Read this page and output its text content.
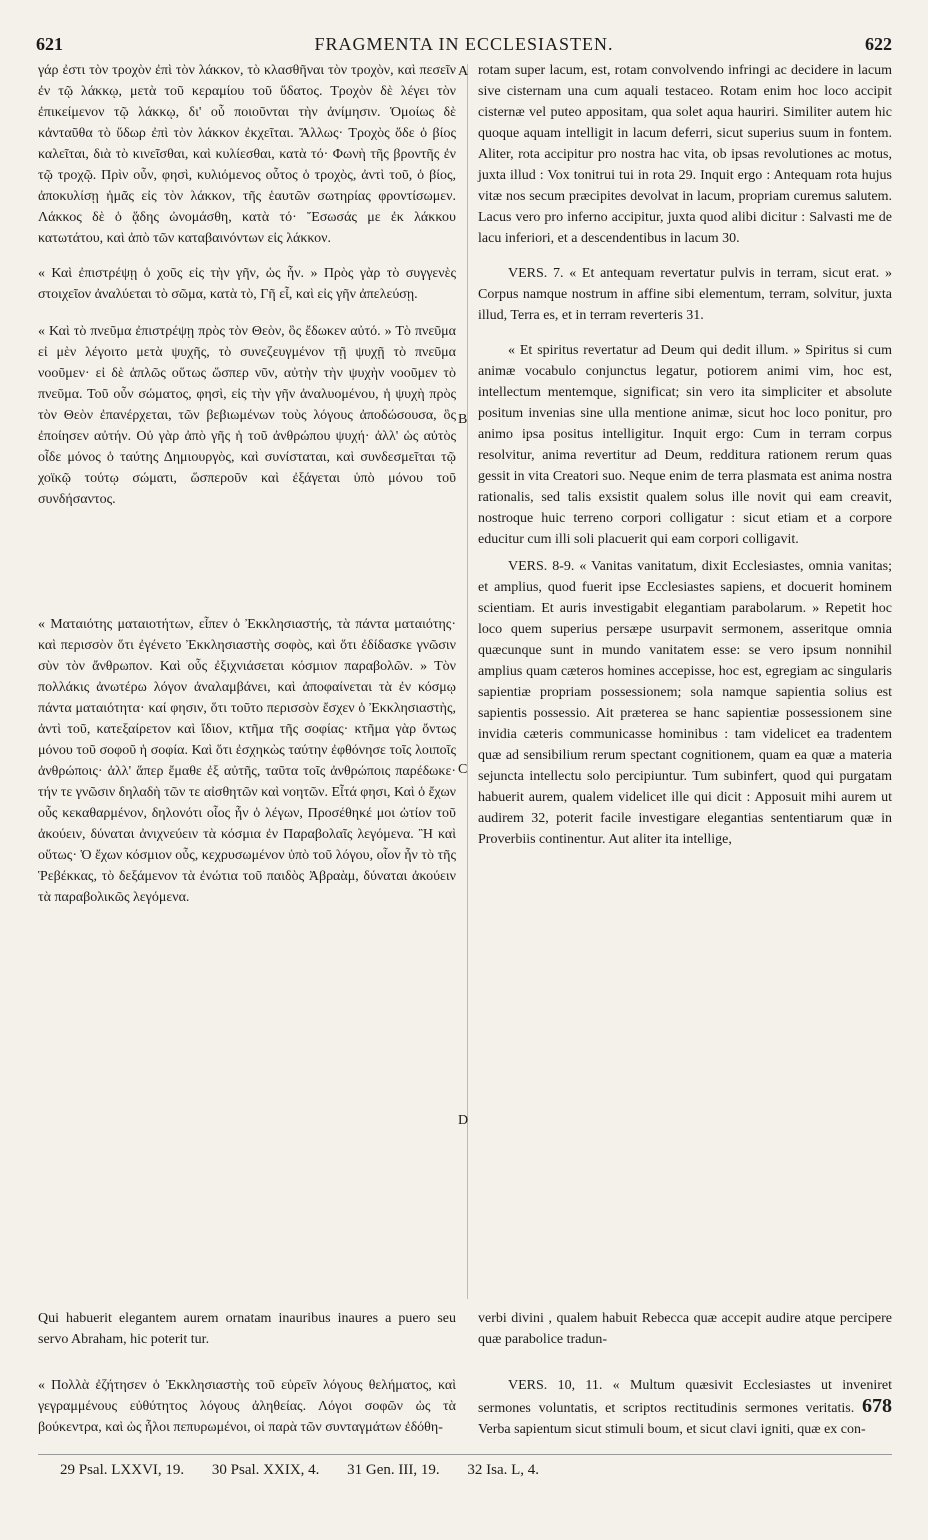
621	FRAGMENTA IN ECCLESIASTEN.	622
A
B
C
D

γάρ ἐστι τὸν τροχὸν ἐπὶ τὸν λάκκον, τὸ κλασθῆναι τὸν τροχὸν, καὶ πεσεῖν ἐν τῷ λάκκῳ, μετὰ τοῦ κεραμίου τοῦ ὕδατος. Τροχὸν δὲ λέγει τὸν ἐπικείμενον τῷ λάκκῳ, δι' οὗ ποιοῦνται τὴν ἀνίμησιν. Ὁμοίως δὲ κἀνταῦθα τὸ ὕδωρ ἐπὶ τὸν λάκκον ἐκχεῖται. Ἄλλως· Τροχὸς ὅδε ὁ βίος καλεῖται, διὰ τὸ κινεῖσθαι, καὶ κυλίεσθαι, κατὰ τό· Φωνὴ τῆς βροντῆς ἐν τῷ τροχῷ. Πρὶν οὖν, φησὶ, κυλιόμενος οὗτος ὁ τροχὸς, ἀντὶ τοῦ, ὁ βίος, ἀποκυλίσῃ ἡμᾶς εἰς τὸν λάκκον, τῆς ἑαυτῶν σωτηρίας φροντίσωμεν. Λάκκος δὲ ὁ ᾅδης ὠνομάσθη, κατὰ τό· Ἔσωσάς με ἐκ λάκκου κατωτάτου, καὶ ἀπὸ τῶν καταβαινόντων εἰς λάκκον.

« Καὶ ἐπιστρέψῃ ὁ χοῦς εἰς τὴν γῆν, ὡς ἦν. » Πρὸς γὰρ τὸ συγγενὲς στοιχεῖον ἀναλύεται τὸ σῶμα, κατὰ τὸ, Γῆ εἶ, καὶ εἰς γῆν ἀπελεύσῃ.

« Καὶ τὸ πνεῦμα ἐπιστρέψῃ πρὸς τὸν Θεὸν, ὃς ἔδωκεν αὐτό. » Τὸ πνεῦμα εἰ μὲν λέγοιτο μετὰ ψυχῆς, τὸ συνεζευγμένον τῇ ψυχῇ τὸ πνεῦμα νοοῦμεν· εἰ δὲ ἁπλῶς οὕτως ὥσπερ νῦν, αὐτὴν τὴν ψυχὴν νοοῦμεν τὸ πνεῦμα. Τοῦ οὖν σώματος, φησὶ, εἰς τὴν γῆν ἀναλυομένου, ἡ ψυχὴ πρὸς τὸν Θεὸν ἐπανέρχεται, τῶν βεβιωμένων τοὺς λόγους ἀποδώσουσα, ὃς ἐποίησεν αὐτήν. Οὐ γὰρ ἀπὸ γῆς ἡ τοῦ ἀνθρώπου ψυχή· ἀλλ' ὡς αὐτὸς οἶδε μόνος ὁ ταύτης Δημιουργὸς, καὶ συνίσταται, καὶ συνδεσμεῖται τῷ χοϊκῷ τούτῳ σώματι, ὥσπεροῦν καὶ ἐξάγεται ὑπὸ μόνου τοῦ συνδήσαντος.

« Ματαιότης ματαιοτήτων, εἶπεν ὁ Ἐκκλησιαστής, τὰ πάντα ματαιότης· καὶ περισσὸν ὅτι ἐγένετο Ἐκκλησιαστὴς σοφὸς, καὶ ὅτι ἐδίδασκε γνῶσιν σὺν τὸν ἄνθρωπον. Καὶ οὖς ἐξιχνιάσεται κόσμιον παραβολῶν. » Τὸν πολλάκις ἀνωτέρω λόγον ἀναλαμβάνει, καὶ ἀποφαίνεται τὰ ἐν κόσμῳ πάντα ματαιότητα· καί φησιν, ὅτι τοῦτο περισσὸν ἔσχεν ὁ Ἐκκλησιαστὴς, ἀντὶ τοῦ, κατεξαίρετον καὶ ἴδιον, κτῆμα τῆς σοφίας· κτῆμα γὰρ ὄντως μόνου τοῦ σοφοῦ ἡ σοφία. Καὶ ὅτι ἐσχηκὼς ταύτην ἐφθόνησε τοῖς λοιποῖς ἀνθρώποις· ἀλλ' ἅπερ ἔμαθε ἐξ αὐτῆς, ταῦτα τοῖς ἀνθρώποις παρέδωκε· τήν τε γνῶσιν δηλαδὴ τῶν τε αἰσθητῶν καὶ νοητῶν. Εἶτά φησι, Καὶ ὁ ἔχων οὖς κεκαθαρμένον, δηλονότι οἷος ἦν ὁ λέγων, Προσέθηκέ μοι ὠτίον τοῦ ἀκούειν, δύναται ἀνιχνεύειν τὰ κόσμια ἐν Παραβολαῖς λεγόμενα. Ἢ καὶ οὕτως· Ὁ ἔχων κόσμιον οὖς, κεχρυσωμένον ὑπὸ τοῦ λόγου, οἷον ἦν τὸ τῆς Ῥεβέκκας, τὸ δεξάμενον τὰ ἐνώτια τοῦ παιδὸς Ἀβραὰμ, δύναται ἀκούειν τὰ παραβολικῶς λεγόμενα.

rotam super lacum, est, rotam convolvendo infringi ac decidere in lacum sive cisternam una cum aquali testaceo. Rotam enim hoc loco accipit cisternæ vel puteo appositam, qua solet aqua hauriri. Similiter autem hic quoque aquam intelligit in lacum deferri, sicut superius suum in fontem. Aliter, rota accipitur pro nostra hac vita, ob ipsas revolutiones ac motus, juxta illud : Vox tonitrui tui in rota 29. Inquit ergo : Antequam rota hujus vitæ nos secum præcipites devolvat in lacum, propriam curemus salutem. Lacus vero pro inferno accipitur, juxta quod alibi dicitur : Salvasti me de lacu inferiori, et a descendentibus in lacum 30.

VERS. 7. « Et antequam revertatur pulvis in terram, sicut erat. » Corpus namque nostrum in affine sibi elementum, terram, solvitur, juxta illud, Terra es, et in terram reverteris 31.

« Et spiritus revertatur ad Deum qui dedit illum. » Spiritus si cum animæ vocabulo conjunctus legatur, potiorem animi vim, hoc est, intellectum mentemque, significat; sin vero ita simpliciter et absolute positum invenias sine ulla mentione animæ, sicut hoc loco ponitur, pro animo ipsa positus intelligitur. Inquit ergo: Cum in terram corpus resolvitur, anima revertitur ad Deum, redditura rationem rerum quas gessit in vita Creatori suo. Neque enim de terra plasmata est anima nostra rationalis, sed talis exsistit qualem solus ille novit qui eam creavit, nostroque huic terreno corpori colligatur : sicut etiam et a corpore educitur cum illi soli placuerit qui eam corpori colligavit.

VERS. 8-9. « Vanitas vanitatum, dixit Ecclesiastes, omnia vanitas; et amplius, quod fuerit ipse Ecclesiastes sapiens, et docuerit hominem scientiam. Et auris investigabit elegantiam parabolarum. » Repetit hoc loco quem superius persæpe usurpavit sermonem, asseritque omnia quæcunque sunt in mundo vanitatem esse: se vero ipsum nonnihil amplius quam cæteros homines accepisse, hoc est, egregiam ac singularis sapientiæ propriam possessionem; sola namque sapientia solius est sapientis possessio. Ait præterea se hanc sapientiæ possessionem sine invidia cæteris communicasse hominibus : tam videlicet ea tradentem quæ ad sensibilium rerum spectant cognitionem, quam ea quæ a materia sejuncta intellectu solo percipiuntur. Tum subinfert, quod qui purgatam habuerit aurem, qualem videlicet ille qui dicit : Apposuit mihi aurem ut audirem 32, poterit facile investigare elegantias sententiarum quæ in Proverbiis continentur. Aut aliter ita intellige,

Qui habuerit elegantem aurem ornatam inauribus inaures a puero seu servo Abraham, hic poterit tur.

verbi divini , qualem habuit Rebecca quæ accepit audire atque percipere quæ parabolice tradun-

« Πολλὰ ἐζήτησεν ὁ Ἐκκλησιαστὴς τοῦ εὑρεῖν λόγους θελήματος, καὶ γεγραμμένους εὐθύτητος λόγους ἀληθείας. Λόγοι σοφῶν ὡς τὰ βούκεντρα, καὶ ὡς ἧλοι πεπυρωμένοι, οἱ παρὰ τῶν συνταγμάτων ἐδόθη-

VERS. 10, 11. « Multum quæsivit Ecclesiastes ut inveniret sermones voluntatis, et scriptos rectitudinis sermones veritatis. 678 Verba sapientum sicut stimuli boum, et sicut clavi igniti, quæ ex con-

29 Psal. LXXVI, 19. 30 Psal. XXIX, 4. 31 Gen. III, 19. 32 Isa. L, 4.
